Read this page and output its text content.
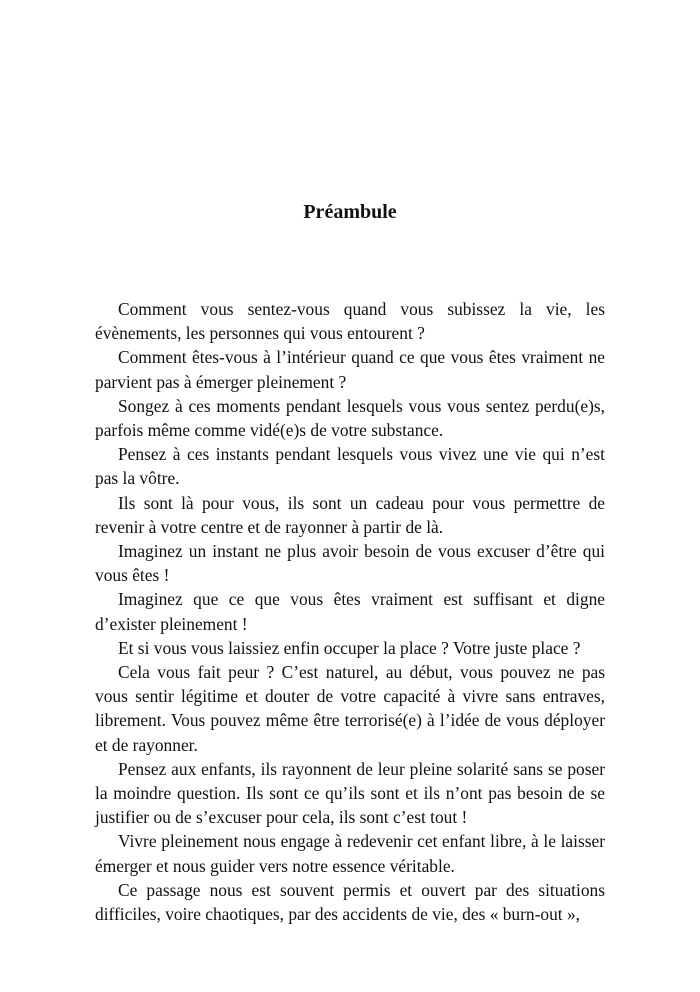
Préambule

Comment vous sentez-vous quand vous subissez la vie, les évènements, les personnes qui vous entourent ?

Comment êtes-vous à l’intérieur quand ce que vous êtes vraiment ne parvient pas à émerger pleinement ?

Songez à ces moments pendant lesquels vous vous sentez perdu(e)s, parfois même comme vidé(e)s de votre substance.

Pensez à ces instants pendant lesquels vous vivez une vie qui n’est pas la vôtre.

Ils sont là pour vous, ils sont un cadeau pour vous permettre de revenir à votre centre et de rayonner à partir de là.

Imaginez un instant ne plus avoir besoin de vous excuser d’être qui vous êtes !

Imaginez que ce que vous êtes vraiment est suffisant et digne d’exister pleinement !

Et si vous vous laissiez enfin occuper la place ? Votre juste place ?

Cela vous fait peur ? C’est naturel, au début, vous pouvez ne pas vous sentir légitime et douter de votre capacité à vivre sans entraves, librement. Vous pouvez même être terrorisé(e) à l’idée de vous déployer et de rayonner.

Pensez aux enfants, ils rayonnent de leur pleine solarité sans se poser la moindre question. Ils sont ce qu’ils sont et ils n’ont pas besoin de se justifier ou de s’excuser pour cela, ils sont c’est tout !

Vivre pleinement nous engage à redevenir cet enfant libre, à le laisser émerger et nous guider vers notre essence véritable.

Ce passage nous est souvent permis et ouvert par des situations difficiles, voire chaotiques, par des accidents de vie, des « burn-out »,
